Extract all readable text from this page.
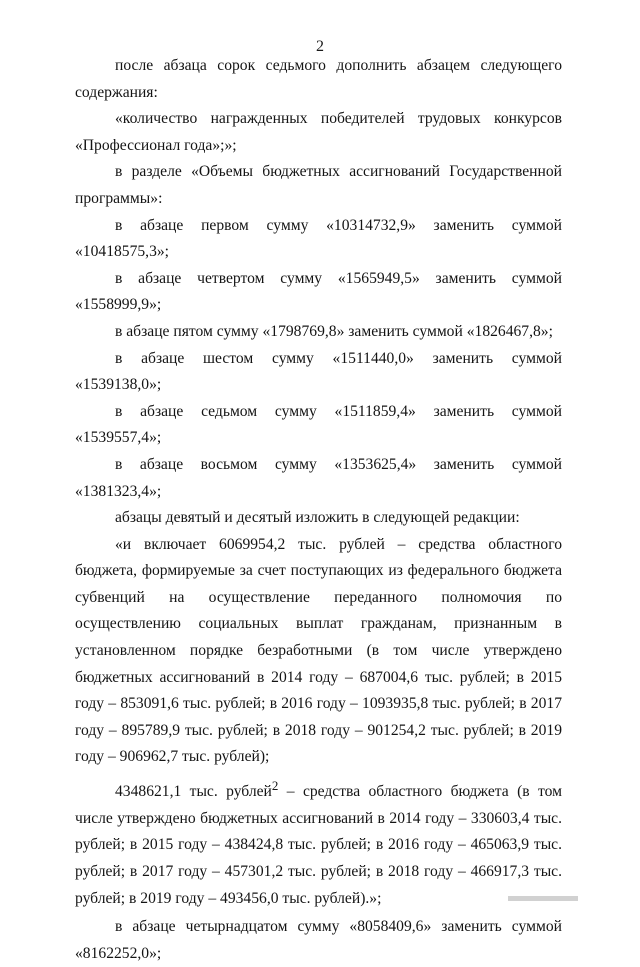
2

после абзаца сорок седьмого дополнить абзацем следующего содержания:

«количество награжденных победителей трудовых конкурсов «Профессионал года»;»;

в разделе «Объемы бюджетных ассигнований Государственной программы»:

в абзаце первом сумму «10314732,9» заменить суммой «10418575,3»;

в абзаце четвертом сумму «1565949,5» заменить суммой «1558999,9»;

в абзаце пятом сумму «1798769,8» заменить суммой «1826467,8»;

в абзаце шестом сумму «1511440,0» заменить суммой «1539138,0»;

в абзаце седьмом сумму «1511859,4» заменить суммой «1539557,4»;

в абзаце восьмом сумму «1353625,4» заменить суммой «1381323,4»;

абзацы девятый и десятый изложить в следующей редакции:

«и включает 6069954,2 тыс. рублей – средства областного бюджета, формируемые за счет поступающих из федерального бюджета субвенций на осуществление переданного полномочия по осуществлению социальных выплат гражданам, признанным в установленном порядке безработными (в том числе утверждено бюджетных ассигнований в 2014 году – 687004,6 тыс. рублей; в 2015 году – 853091,6 тыс. рублей; в 2016 году – 1093935,8 тыс. рублей; в 2017 году – 895789,9 тыс. рублей; в 2018 году – 901254,2 тыс. рублей; в 2019 году – 906962,7 тыс. рублей);

4348621,1 тыс. рублей$^2$ – средства областного бюджета (в том числе утверждено бюджетных ассигнований в 2014 году – 330603,4 тыс. рублей; в 2015 году – 438424,8 тыс. рублей; в 2016 году – 465063,9 тыс. рублей; в 2017 году – 457301,2 тыс. рублей; в 2018 году – 466917,3 тыс. рублей; в 2019 году – 493456,0 тыс. рублей).»;

в абзаце четырнадцатом сумму «8058409,6» заменить суммой «8162252,0»;
